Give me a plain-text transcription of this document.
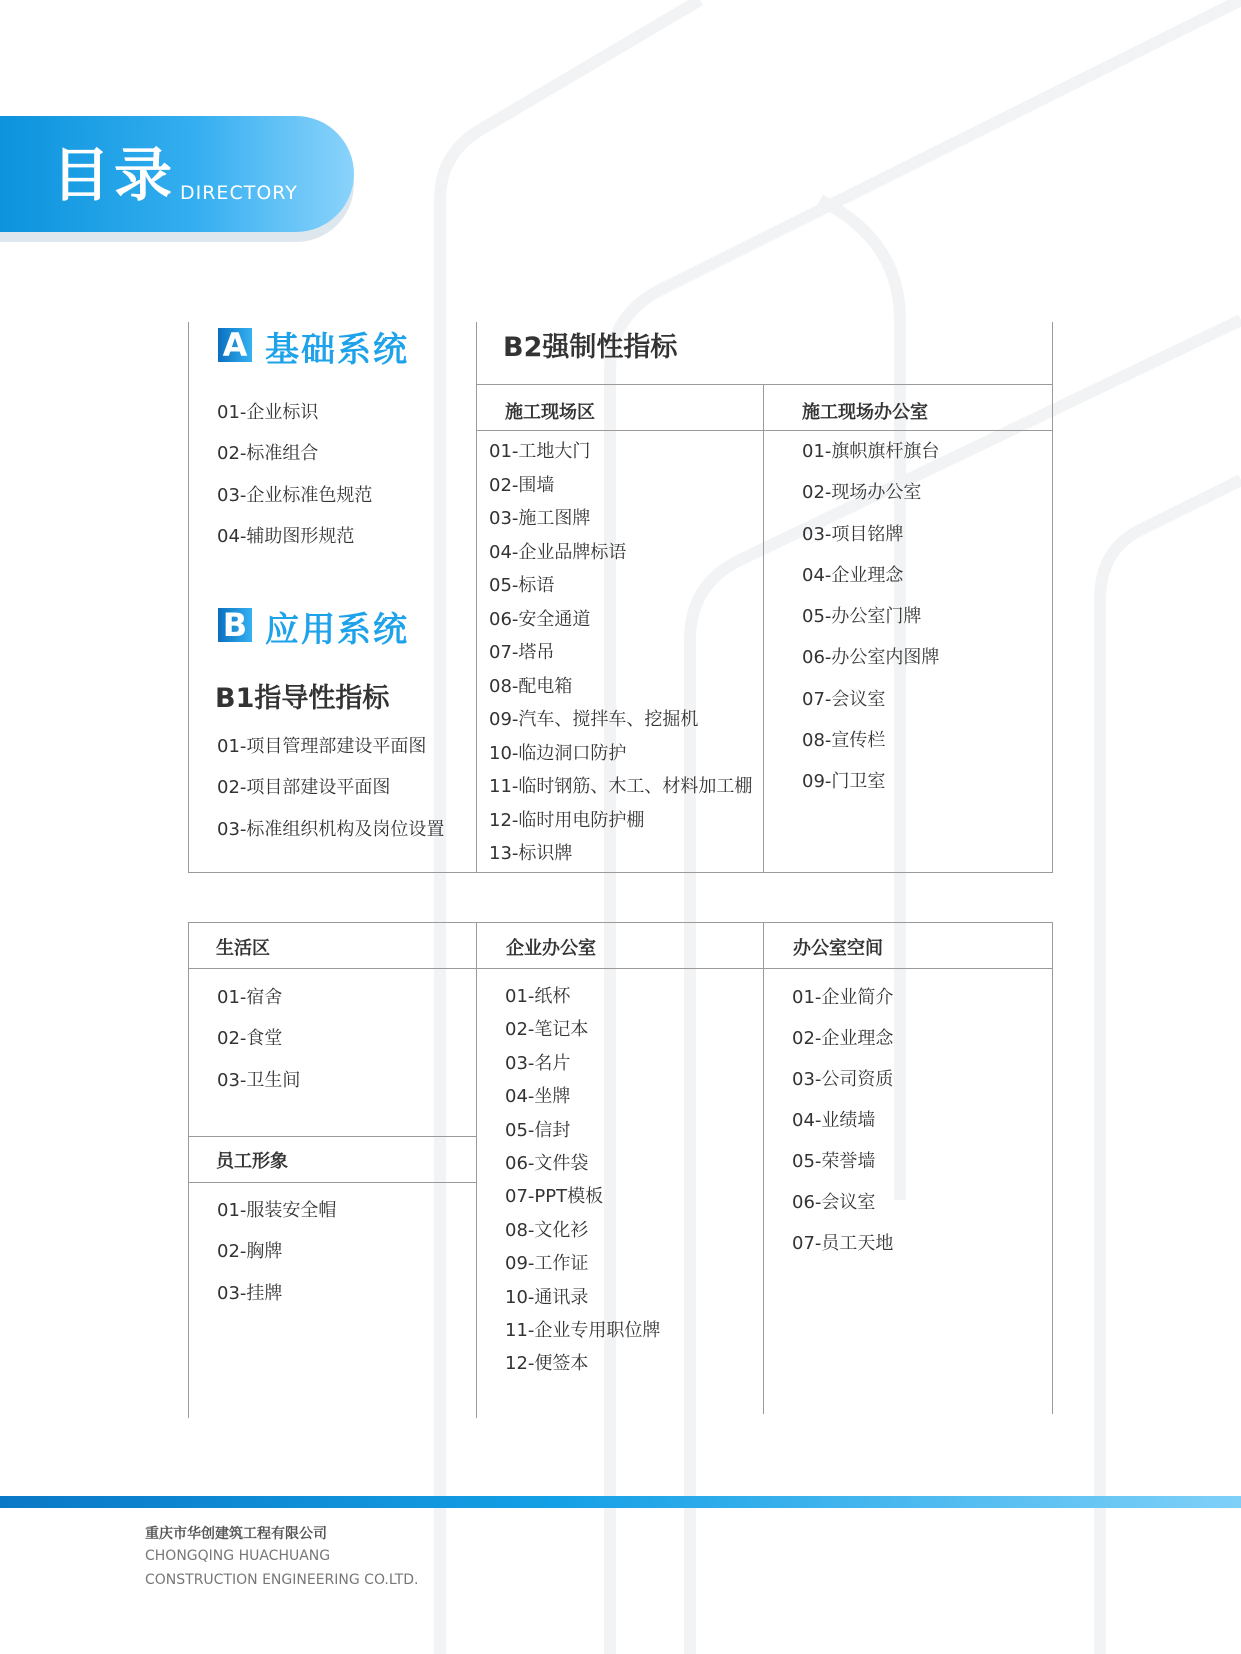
目录 DIRECTORY

A 基础系统
01-企业标识
02-标准组合
03-企业标准色规范
04-辅助图形规范
B 应用系统
B1指导性指标
01-项目管理部建设平面图
02-项目部建设平面图
03-标准组织机构及岗位设置
B2强制性指标
施工现场区
01-工地大门
02-围墙
03-施工图牌
04-企业品牌标语
05-标语
06-安全通道
07-塔吊
08-配电箱
09-汽车、搅拌车、挖掘机
10-临边洞口防护
11-临时钢筋、木工、材料加工棚
12-临时用电防护棚
13-标识牌
施工现场办公室
01-旗帜旗杆旗台
02-现场办公室
03-项目铭牌
04-企业理念
05-办公室门牌
06-办公室内图牌
07-会议室
08-宣传栏
09-门卫室
生活区
01-宿舍
02-食堂
03-卫生间
员工形象
01-服装安全帽
02-胸牌
03-挂牌
企业办公室
01-纸杯
02-笔记本
03-名片
04-坐牌
05-信封
06-文件袋
07-PPT模板
08-文化衫
09-工作证
10-通讯录
11-企业专用职位牌
12-便签本
办公室空间
01-企业简介
02-企业理念
03-公司资质
04-业绩墙
05-荣誉墙
06-会议室
07-员工天地

重庆市华创建筑工程有限公司

CHONGQING HUACHUANG

CONSTRUCTION ENGINEERING CO.LTD.
